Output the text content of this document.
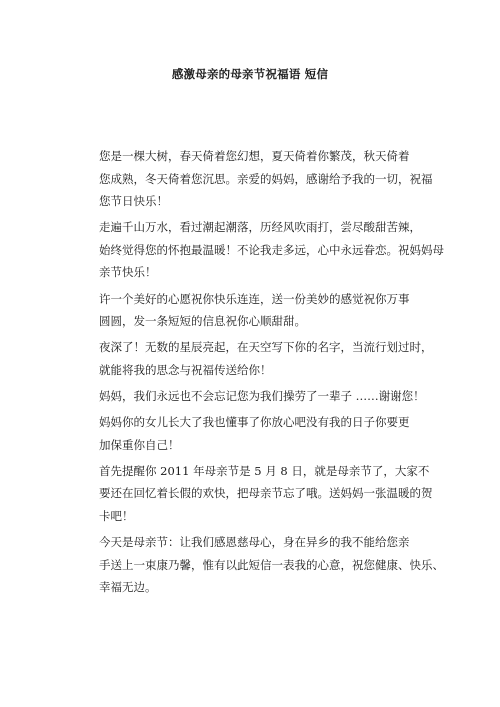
感激母亲的母亲节祝福语 短信

您是一棵大树，春天倚着您幻想，夏天倚着你繁茂，秋天倚着
您成熟，冬天倚着您沉思。亲爱的妈妈，感谢给予我的一切，祝福
您节日快乐！

走遍千山万水，看过潮起潮落，历经风吹雨打，尝尽酸甜苦辣，
始终觉得您的怀抱最温暖！不论我走多远，心中永远眷恋。祝妈妈母
亲节快乐！

许一个美好的心愿祝你快乐连连，送一份美妙的感觉祝你万事
圆圆，发一条短短的信息祝你心顺甜甜。

夜深了！无数的星辰亮起，在天空写下你的名字，当流行划过时，
就能将我的思念与祝福传送给你！

妈妈，我们永远也不会忘记您为我们操劳了一辈子 ……谢谢您！

妈妈你的女儿长大了我也懂事了你放心吧没有我的日子你要更
加保重你自己！

首先提醒你 2011 年母亲节是 5 月 8 日，就是母亲节了，大家不
要还在回忆着长假的欢快，把母亲节忘了哦。送妈妈一张温暖的贺
卡吧！

今天是母亲节：让我们感恩慈母心，身在异乡的我不能给您亲
手送上一束康乃馨，惟有以此短信一表我的心意，祝您健康、快乐、
幸福无边。
